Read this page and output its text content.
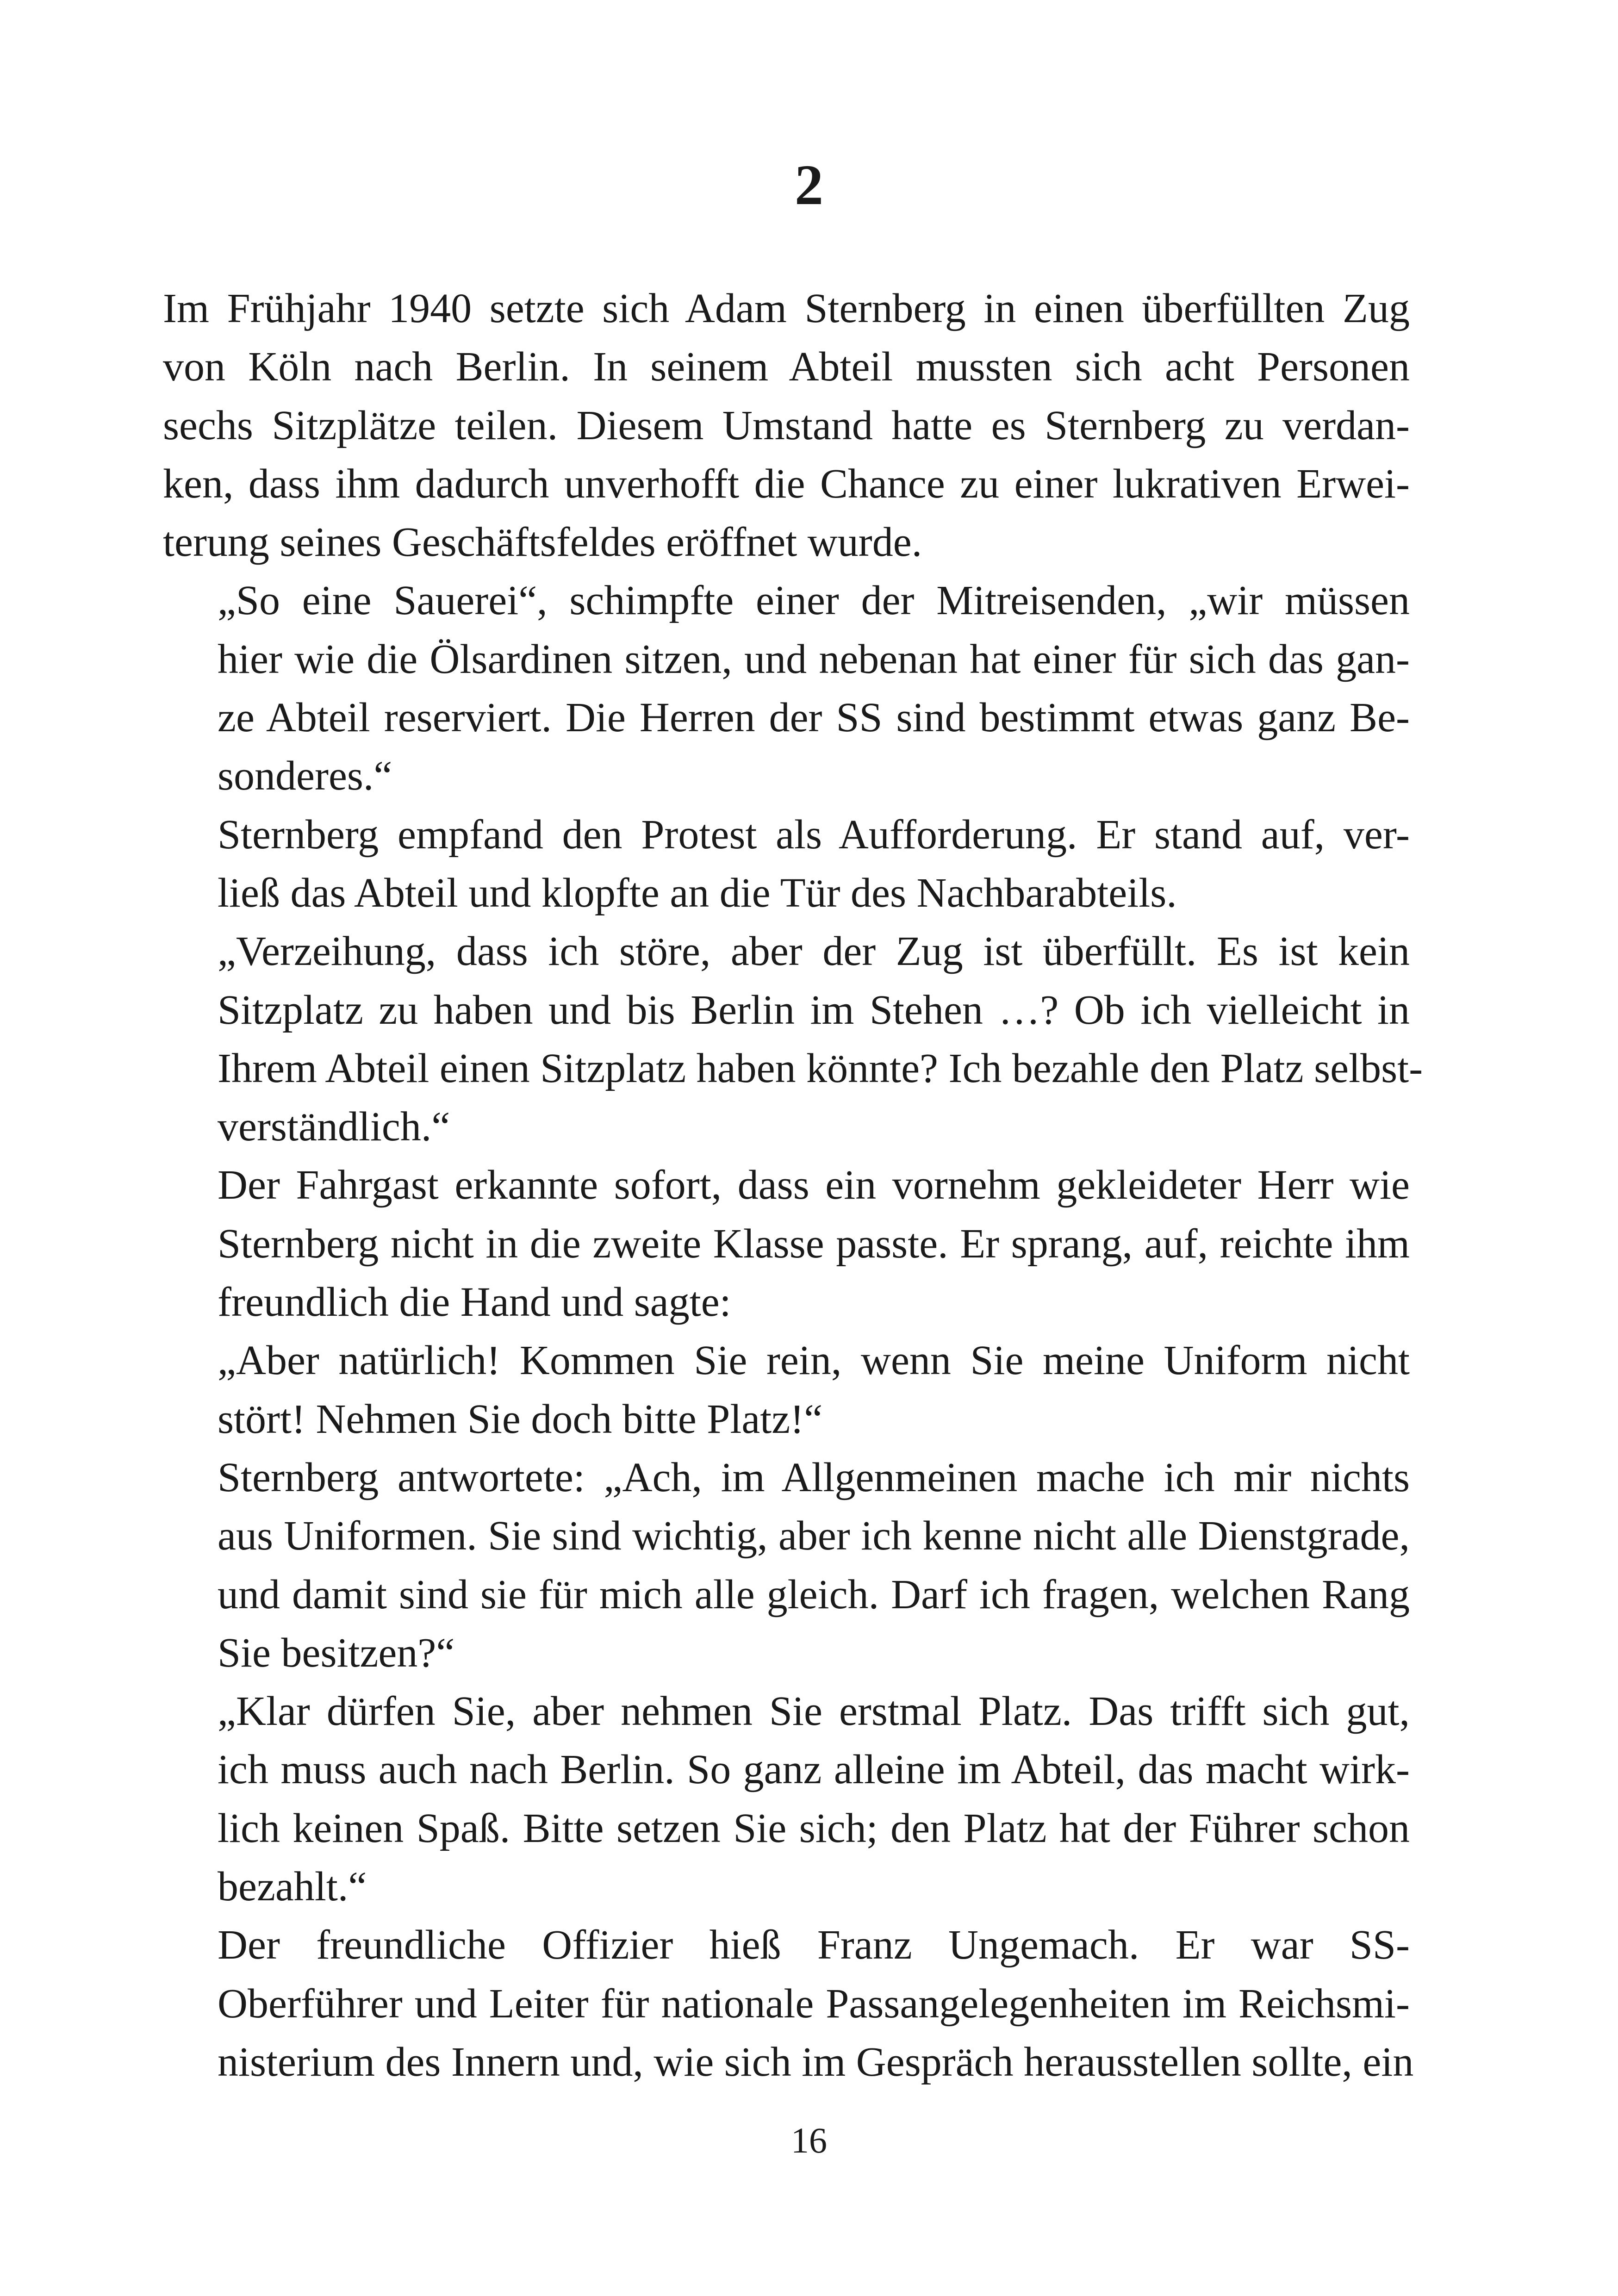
2

Im Frühjahr 1940 setzte sich Adam Sternberg in einen überfüllten Zug
von Köln nach Berlin. In seinem Abteil mussten sich acht Personen
sechs Sitzplätze teilen. Diesem Umstand hatte es Sternberg zu verdan-
ken, dass ihm dadurch unverhofft die Chance zu einer lukrativen Erwei-
terung seines Geschäftsfeldes eröffnet wurde.

„So eine Sauerei“, schimpfte einer der Mitreisenden, „wir müssen
hier wie die Ölsardinen sitzen, und nebenan hat einer für sich das gan-
ze Abteil reserviert. Die Herren der SS sind bestimmt etwas ganz Be-
sonderes.“

Sternberg empfand den Protest als Aufforderung. Er stand auf, ver-
ließ das Abteil und klopfte an die Tür des Nachbarabteils.

„Verzeihung, dass ich störe, aber der Zug ist überfüllt. Es ist kein
Sitzplatz zu haben und bis Berlin im Stehen …? Ob ich vielleicht in
Ihrem Abteil einen Sitzplatz haben könnte? Ich bezahle den Platz selbst-
verständlich.“

Der Fahrgast erkannte sofort, dass ein vornehm gekleideter Herr wie
Sternberg nicht in die zweite Klasse passte. Er sprang, auf, reichte ihm
freundlich die Hand und sagte:

„Aber natürlich! Kommen Sie rein, wenn Sie meine Uniform nicht
stört! Nehmen Sie doch bitte Platz!“

Sternberg antwortete: „Ach, im Allgenmeinen mache ich mir nichts
aus Uniformen. Sie sind wichtig, aber ich kenne nicht alle Dienstgrade,
und damit sind sie für mich alle gleich. Darf ich fragen, welchen Rang
Sie besitzen?“

„Klar dürfen Sie, aber nehmen Sie erstmal Platz. Das trifft sich gut,
ich muss auch nach Berlin. So ganz alleine im Abteil, das macht wirk-
lich keinen Spaß. Bitte setzen Sie sich; den Platz hat der Führer schon
bezahlt.“

Der freundliche Offizier hieß Franz Ungemach. Er war SS-
Oberführer und Leiter für nationale Passangelegenheiten im Reichsmi-
nisterium des Innern und, wie sich im Gespräch herausstellen sollte, ein

16
